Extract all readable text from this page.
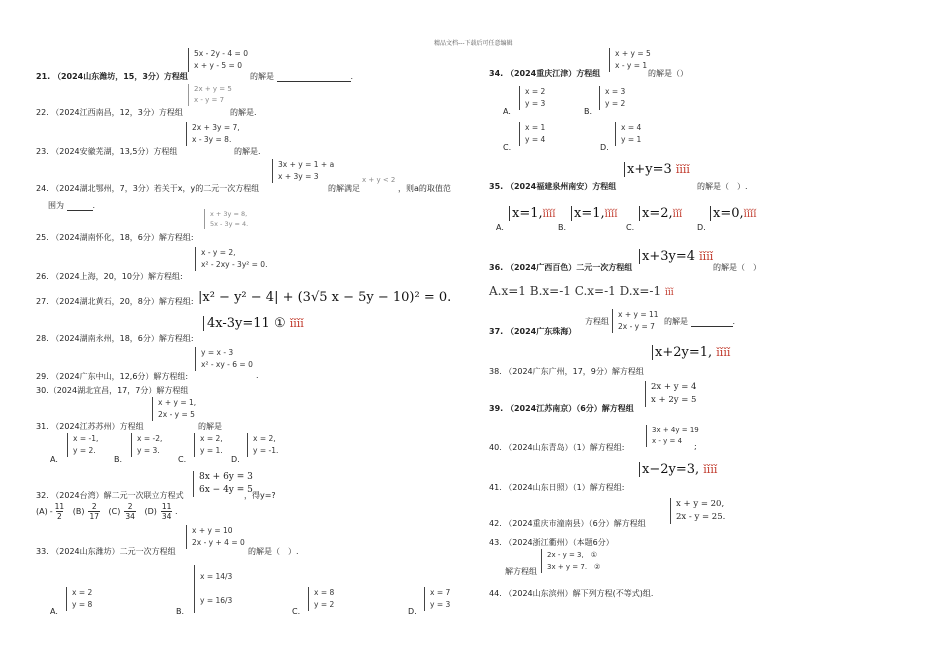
精品文档---下载后可任意编辑
5x - 2y - 4 = 0
x + y - 5 = 0
21. （2024山东潍坊，15，3分）方程组	的解是	.
2x + y = 5
x - y = 7
22. （2024江西南昌，12，3分）方程组	的解是.
2x + 3y = 7,
x - 3y = 8.
23. （2024安徽芜湖，13,5分）方程组	的解是.
3x + y = 1 + a
x + 3y = 3	x + y < 2
24. （2024湖北鄂州，7，3分）若关于x，y的二元一次方程组	的解满足	，则a的取值范
围为	.
x + 3y = 8,
5x - 3y = 4.
25. （2024湖南怀化，18，6分）解方程组:
x - y = 2,
x² - 2xy - 3y² = 0.
26. （2024上海，20，10分）解方程组:
27. （2024湖北黄石，20，8分）解方程组: |x² − y² − 4| + (3√5 x − 5y − 10)² = 0.
28. （2024湖南永州，18，6分）解方程组:
4x-3y=11 ① ǐǐǐǐ
y = x - 3
x² - xy - 6 = 0
29. （2024广东中山，12,6分）解方程组:	.
30.（2024湖北宜昌，17，7分）解方程组
x + y = 1,
2x - y = 5
31. （2024江苏苏州）方程组	的解是
A.
x = -1,
y = 2.
B.
x = -2,
y = 3.
C.
x = 2,
y = 1.
D.
x = 2,
y = -1.
8x + 6y = 3
6x − 4y = 5
32. （2024台湾）解二元一次联立方程式	，得y=?
$(A) - \frac{11}{2}$
$(B) \frac{2}{17}$
$(C) \frac{2}{34}$
$(D) \frac{11}{34}$ .
x + y = 10
2x - y + 4 = 0
33. （2024山东潍坊）二元一次方程组	的解是（　）.
A.
x = 2
y = 8
B.
x = 14/3
y = 16/3
C.
x = 8
y = 2
D.
x = 7
y = 3
x + y = 5
x - y = 1
34. （2024重庆江津）方程组	的解是（）
A.
x = 2
y = 3
B.
x = 3
y = 2
C.
x = 1
y = 4
D.
x = 4
y = 1
35. （2024福建泉州南安）方程组
x+y=3 ǐǐǐǐ
的解是（　）.
A.
x=1,ǐǐǐǐ
B.
x=1,ǐǐǐǐ
C.
x=2,ǐǐǐ
D.
x=0,ǐǐǐǐ
36. （2024广西百色）二元一次方程组
x+3y=4 ǐǐǐǐ
的解是（　）
A.x=1 B.x=-1 C.x=-1 D.x=-1 ǐǐǐ
37. （2024广东珠海）
方程组
x + y = 11
2x - y = 7
的解是	.
38. （2024广东广州，17，9分）解方程组
x+2y=1, ǐǐǐǐ
2x + y = 4
x + 2y = 5
39. （2024江苏南京）（6分）解方程组
3x + 4y = 19
x - y = 4
40. （2024山东青岛）（1）解方程组:	;
41. （2024山东日照）（1）解方程组:
x−2y=3, ǐǐǐǐ
x + y = 20,
2x - y = 25.
42. （2024重庆市潼南县）（6分）解方程组
43. （2024浙江衢州）（本题6分）
2x - y = 3,　①
3x + y = 7.　②
解方程组
44. （2024山东滨州）解下列方程(不等式)组.
